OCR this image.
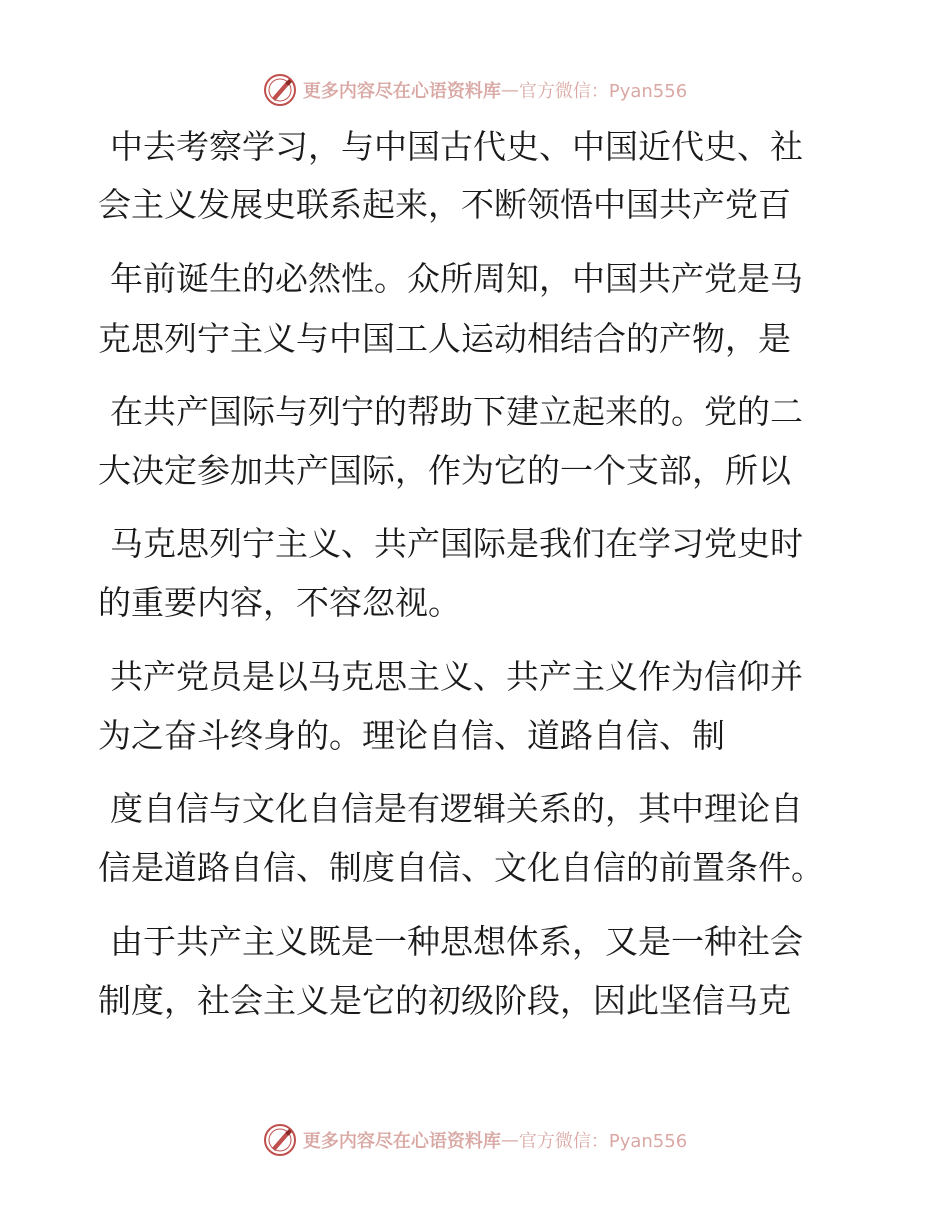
更多内容尽在心语资料库 — 官方微信：Pyan556
中去考察学习，与中国古代史、中国近代史、社
会主义发展史联系起来，不断领悟中国共产党百
年前诞生的必然性。众所周知，中国共产党是马
克思列宁主义与中国工人运动相结合的产物，是
在共产国际与列宁的帮助下建立起来的。党的二
大决定参加共产国际，作为它的一个支部，所以
马克思列宁主义、共产国际是我们在学习党史时
的重要内容，不容忽视。
共产党员是以马克思主义、共产主义作为信仰并
为之奋斗终身的。理论自信、道路自信、制
度自信与文化自信是有逻辑关系的，其中理论自
信是道路自信、制度自信、文化自信的前置条件。
由于共产主义既是一种思想体系，又是一种社会
制度，社会主义是它的初级阶段，因此坚信马克
更多内容尽在心语资料库 — 官方微信：Pyan556
